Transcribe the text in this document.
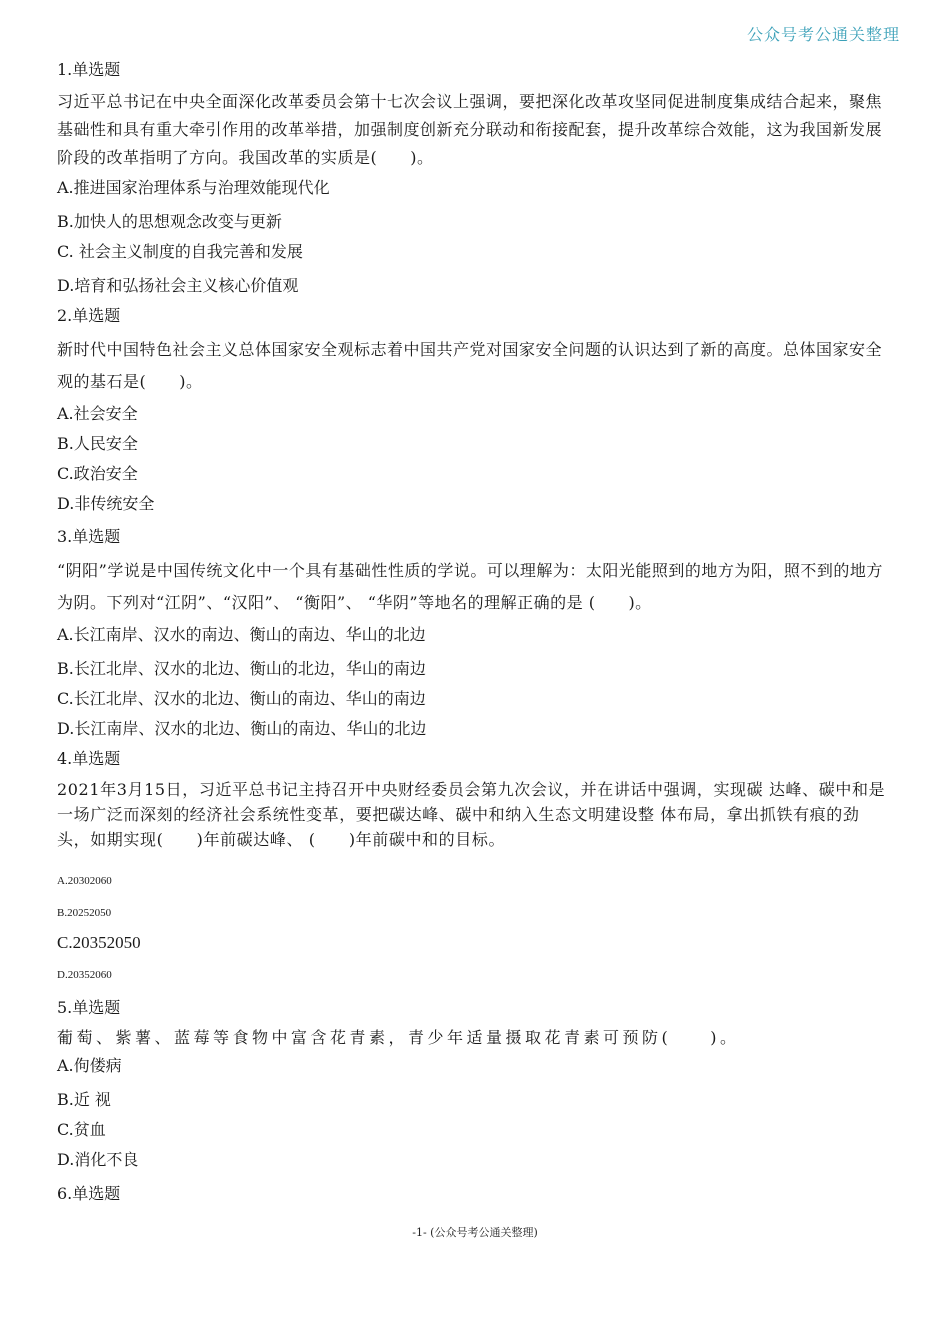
公众号考公通关整理

1.单选题

习近平总书记在中央全面深化改革委员会第十七次会议上强调，要把深化改革攻坚同促进制度集成结合起来，聚焦基础性和具有重大牵引作用的改革举措，加强制度创新充分联动和衔接配套，提升改革综合效能，这为我国新发展阶段的改革指明了方向。我国改革的实质是(　　)。

A.推进国家治理体系与治理效能现代化

B.加快人的思想观念改变与更新

C. 社会主义制度的自我完善和发展

D.培育和弘扬社会主义核心价值观

2.单选题

新时代中国特色社会主义总体国家安全观标志着中国共产党对国家安全问题的认识达到了新的高度。总体国家安全观的基石是(　　)。

A.社会安全

B.人民安全

C.政治安全

D.非传统安全

3.单选题

“阴阳”学说是中国传统文化中一个具有基础性性质的学说。可以理解为：太阳光能照到的地方为阳，照不到的地方为阴。下列对“江阴”、“汉阳”、 “衡阳”、 “华阴”等地名的理解正确的是 (　　)。

A.长江南岸、汉水的南边、衡山的南边、华山的北边

B.长江北岸、汉水的北边、衡山的北边，华山的南边

C.长江北岸、汉水的北边、衡山的南边、华山的南边

D.长江南岸、汉水的北边、衡山的南边、华山的北边

4.单选题

2021年3月15日，习近平总书记主持召开中央财经委员会第九次会议，并在讲话中强调，实现碳 达峰、碳中和是一场广泛而深刻的经济社会系统性变革，要把碳达峰、碳中和纳入生态文明建设整 体布局，拿出抓铁有痕的劲头，如期实现(　　)年前碳达峰、 (　　)年前碳中和的目标。

A.20302060

B.20252050

C.20352050

D.20352060

5.单选题

葡萄、紫薯、蓝莓等食物中富含花青素，青少年适量摄取花青素可预防(　　)。

A.佝偻病

B.近 视

C.贫血

D.消化不良

6.单选题

-1- (公众号考公通关整理)
